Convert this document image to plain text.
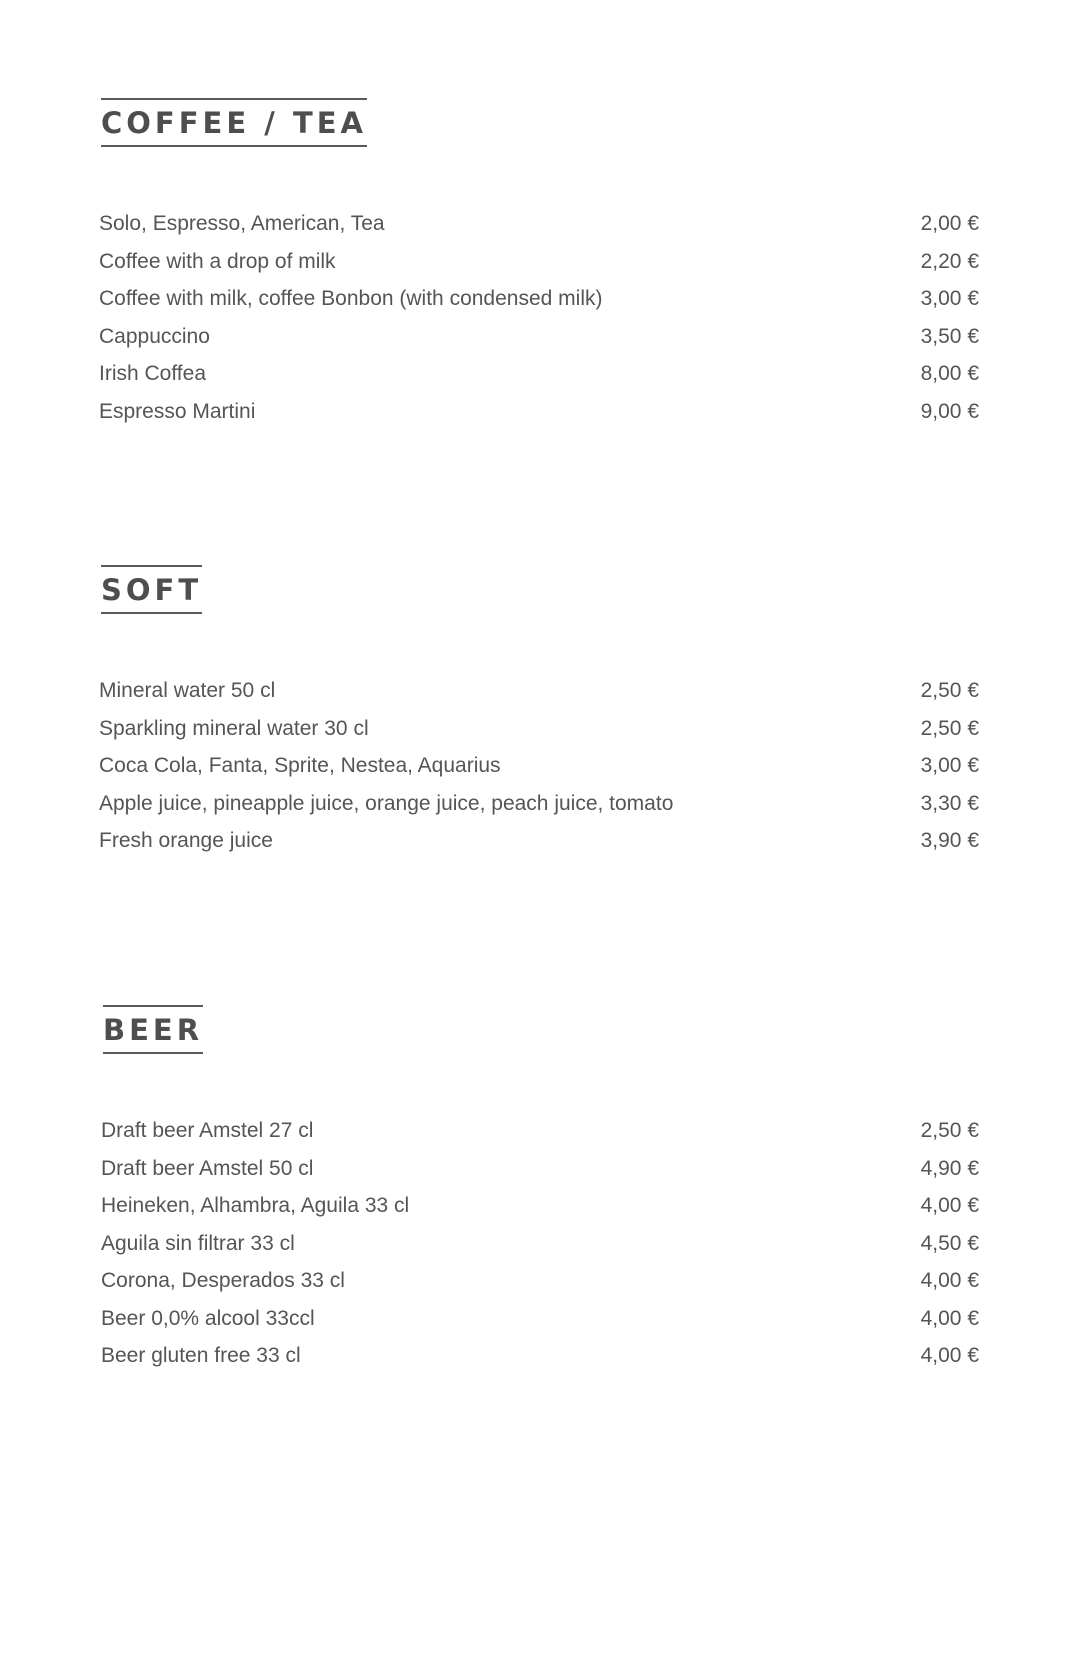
COFFEE / TEA
Solo, Espresso, American, Tea	2,00 €
Coffee with a drop of milk	2,20 €
Coffee with milk, coffee Bonbon (with condensed milk)	3,00 €
Cappuccino	3,50 €
Irish Coffea	8,00 €
Espresso Martini	9,00 €
SOFT
Mineral water 50 cl	2,50 €
Sparkling mineral water 30 cl	2,50 €
Coca Cola, Fanta, Sprite, Nestea, Aquarius	3,00 €
Apple juice, pineapple juice, orange juice, peach juice, tomato	3,30 €
Fresh orange juice	3,90 €
BEER
Draft beer Amstel 27 cl	2,50 €
Draft beer Amstel 50 cl	4,90 €
Heineken, Alhambra, Aguila 33 cl	4,00 €
Aguila sin filtrar 33 cl	4,50 €
Corona, Desperados 33 cl	4,00 €
Beer 0,0% alcool 33ccl	4,00 €
Beer gluten free 33 cl	4,00 €
